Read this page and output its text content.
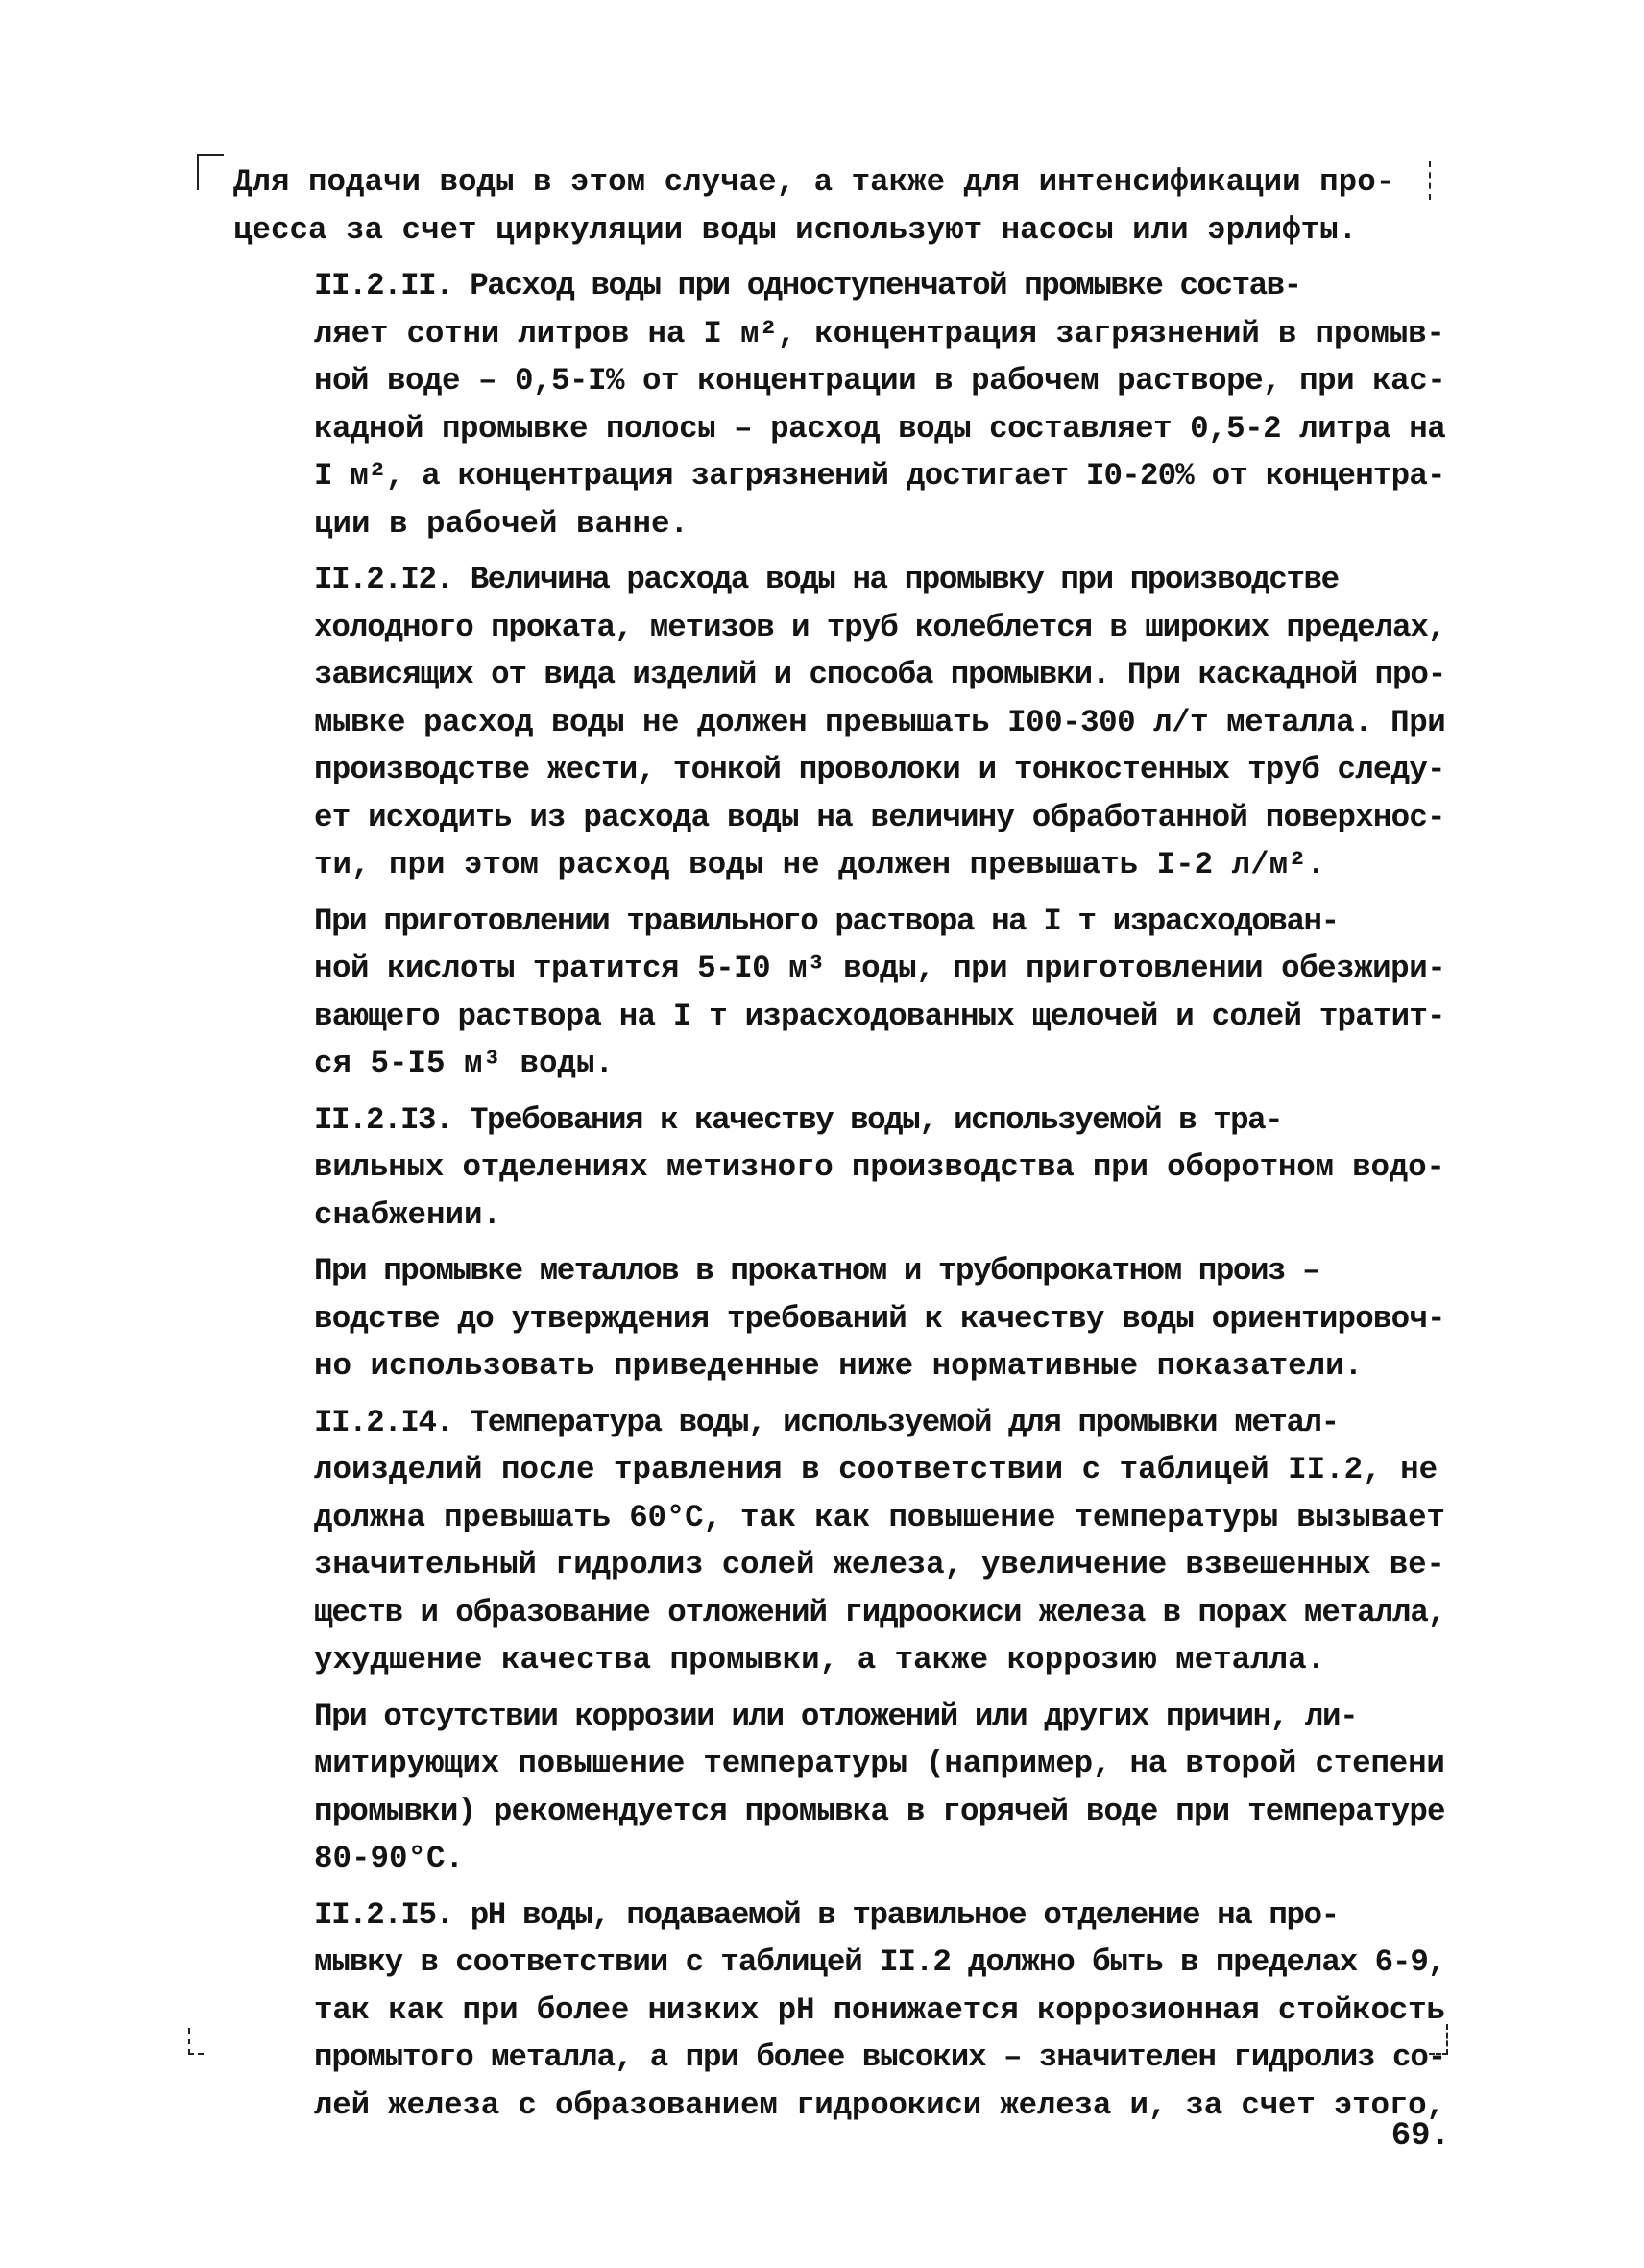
Для подачи воды в этом случае, а также для интенсификации про-
цесса за счет циркуляции воды используют насосы или эрлифты.

II.2.II. Расход воды при одноступенчатой промывке состав-
ляет сотни литров на I м², концентрация загрязнений в промыв-
ной воде – 0,5-I% от концентрации в рабочем растворе, при кас-
кадной промывке полосы – расход воды составляет 0,5-2 литра на
I м², а концентрация загрязнений достигает I0-20% от концентра-
ции в рабочей ванне.

II.2.I2. Величина расхода воды на промывку при производстве
холодного проката, метизов и труб колеблется в широких пределах,
зависящих от вида изделий и способа промывки. При каскадной про-
мывке расход воды не должен превышать I00-300 л/т металла. При
производстве жести, тонкой проволоки и тонкостенных труб следу-
ет исходить из расхода воды на величину обработанной поверхнос-
ти, при этом расход воды не должен превышать I-2 л/м².

При приготовлении травильного раствора на I т израсходован-
ной кислоты тратится 5-I0 м³ воды, при приготовлении обезжири-
вающего раствора на I т израсходованных щелочей и солей тратит-
ся 5-I5 м³ воды.

II.2.I3. Требования к качеству воды, используемой в тра-
вильных отделениях метизного производства при оборотном водо-
снабжении.

При промывке металлов в прокатном и трубопрокатном произ –
водстве до утверждения требований к качеству воды ориентировоч-
но использовать приведенные ниже нормативные показатели.

II.2.I4. Температура воды, используемой для промывки метал-
лоизделий после травления в соответствии с таблицей II.2, не
должна превышать 60°С, так как повышение температуры вызывает
значительный гидролиз солей железа, увеличение взвешенных ве-
ществ и образование отложений гидроокиси железа в порах металла,
ухудшение качества промывки, а также коррозию металла.

При отсутствии коррозии или отложений или других причин, ли-
митирующих повышение температуры (например, на второй степени
промывки) рекомендуется промывка в горячей воде при температуре
80-90°С.

II.2.I5. рН воды, подаваемой в травильное отделение на про-
мывку в соответствии с таблицей II.2 должно быть в пределах 6-9,
так как при более низких рН понижается коррозионная стойкость
промытого металла, а при более высоких – значителен гидролиз со-
лей железа с образованием гидроокиси железа и, за счет этого,

69.
